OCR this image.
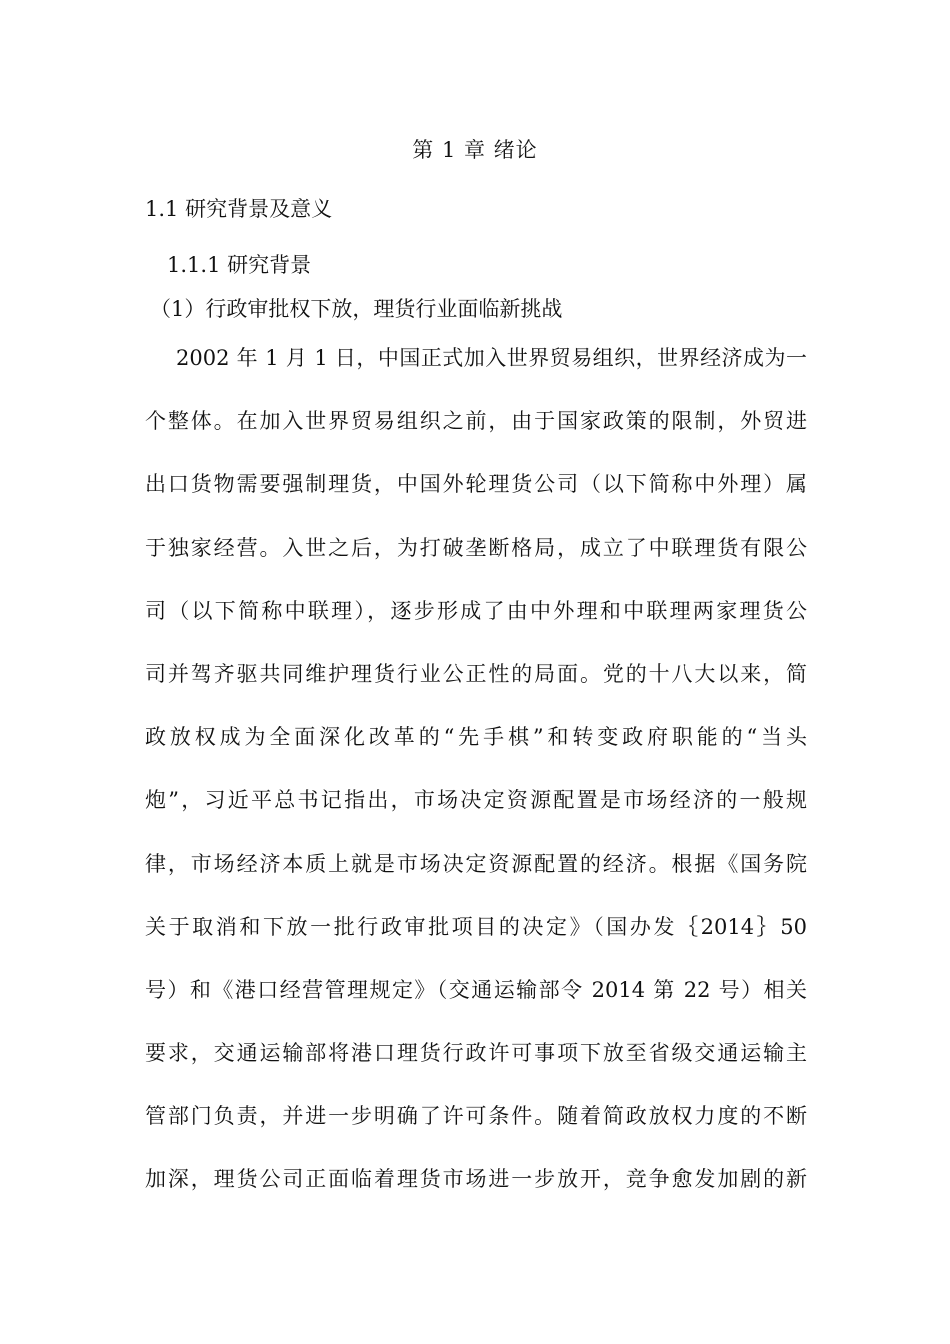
第 1 章 绪论
1.1 研究背景及意义
1.1.1 研究背景
（1）行政审批权下放，理货行业面临新挑战
2002 年 1 月 1 日，中国正式加入世界贸易组织，世界经济成为一
个整体。在加入世界贸易组织之前，由于国家政策的限制，外贸进
出口货物需要强制理货，中国外轮理货公司（以下简称中外理）属
于独家经营。入世之后，为打破垄断格局，成立了中联理货有限公
司（以下简称中联理），逐步形成了由中外理和中联理两家理货公
司并驾齐驱共同维护理货行业公正性的局面。党的十八大以来，简
政放权成为全面深化改革的“先手棋”和转变政府职能的“当头
炮”，习近平总书记指出，市场决定资源配置是市场经济的一般规
律，市场经济本质上就是市场决定资源配置的经济。根据《国务院
关于取消和下放一批行政审批项目的决定》（国办发｛2014｝50
号）和《港口经营管理规定》（交通运输部令 2014 第 22 号）相关
要求，交通运输部将港口理货行政许可事项下放至省级交通运输主
管部门负责，并进一步明确了许可条件。随着简政放权力度的不断
加深，理货公司正面临着理货市场进一步放开，竞争愈发加剧的新
